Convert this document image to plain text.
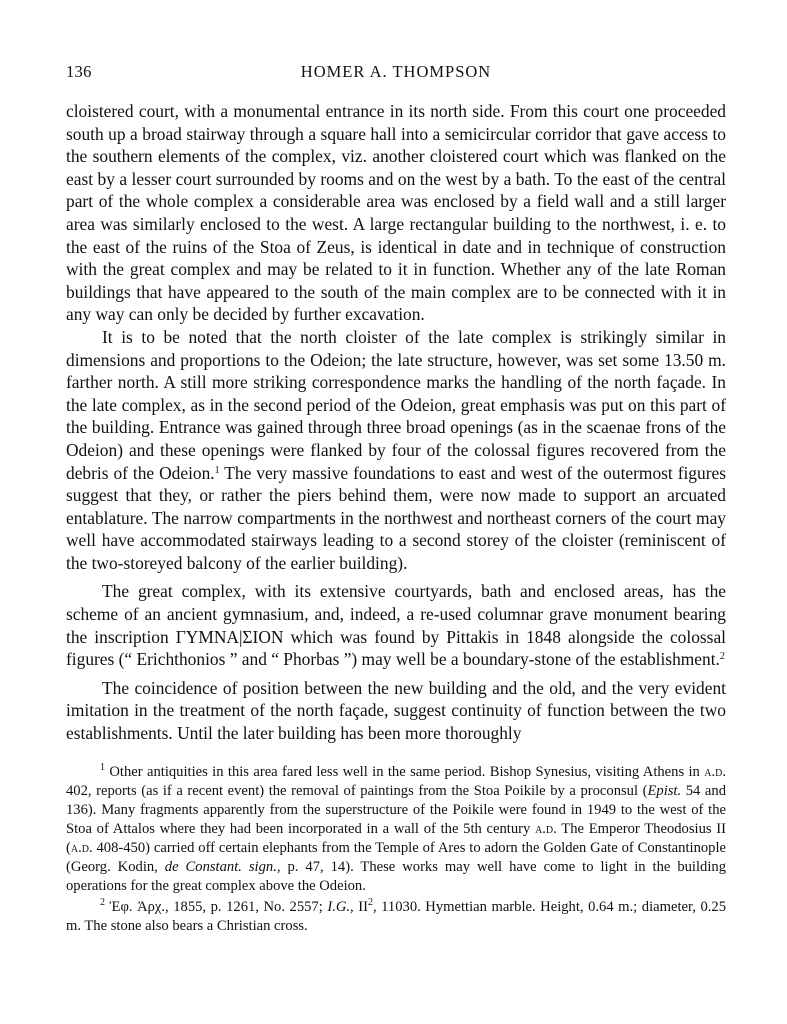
136	HOMER A. THOMPSON

cloistered court, with a monumental entrance in its north side. From this court one proceeded south up a broad stairway through a square hall into a semicircular corridor that gave access to the southern elements of the complex, viz. another cloistered court which was flanked on the east by a lesser court surrounded by rooms and on the west by a bath. To the east of the central part of the whole complex a considerable area was enclosed by a field wall and a still larger area was similarly enclosed to the west. A large rectangular building to the northwest, i. e. to the east of the ruins of the Stoa of Zeus, is identical in date and in technique of construction with the great complex and may be related to it in function. Whether any of the late Roman buildings that have appeared to the south of the main complex are to be connected with it in any way can only be decided by further excavation.

It is to be noted that the north cloister of the late complex is strikingly similar in dimensions and proportions to the Odeion; the late structure, however, was set some 13.50 m. farther north. A still more striking correspondence marks the handling of the north façade. In the late complex, as in the second period of the Odeion, great emphasis was put on this part of the building. Entrance was gained through three broad openings (as in the scaenae frons of the Odeion) and these openings were flanked by four of the colossal figures recovered from the debris of the Odeion.$^1$ The very massive foundations to east and west of the outermost figures suggest that they, or rather the piers behind them, were now made to support an arcuated entablature. The narrow compartments in the northwest and northeast corners of the court may well have accommodated stairways leading to a second storey of the cloister (reminiscent of the two-storeyed balcony of the earlier building).

The great complex, with its extensive courtyards, bath and enclosed areas, has the scheme of an ancient gymnasium, and, indeed, a re-used columnar grave monument bearing the inscription ΓΥΜΝΑ|ΣΙΟΝ which was found by Pittakis in 1848 alongside the colossal figures (“ Erichthonios ” and “ Phorbas ”) may well be a boundary-stone of the establishment.$^2$

The coincidence of position between the new building and the old, and the very evident imitation in the treatment of the north façade, suggest continuity of function between the two establishments. Until the later building has been more thoroughly

$^1$ Other antiquities in this area fared less well in the same period. Bishop Synesius, visiting Athens in a.d. 402, reports (as if a recent event) the removal of paintings from the Stoa Poikile by a proconsul (Epist. 54 and 136). Many fragments apparently from the superstructure of the Poikile were found in 1949 to the west of the Stoa of Attalos where they had been incorporated in a wall of the 5th century a.d. The Emperor Theodosius II (a.d. 408-450) carried off certain elephants from the Temple of Ares to adorn the Golden Gate of Constantinople (Georg. Kodin, de Constant. sign., p. 47, 14). These works may well have come to light in the building operations for the great complex above the Odeion.

$^2$ Ἐφ. Ἀρχ., 1855, p. 1261, No. 2557; I.G., $II^2$, 11030. Hymettian marble. Height, 0.64 m.; diameter, 0.25 m. The stone also bears a Christian cross.
